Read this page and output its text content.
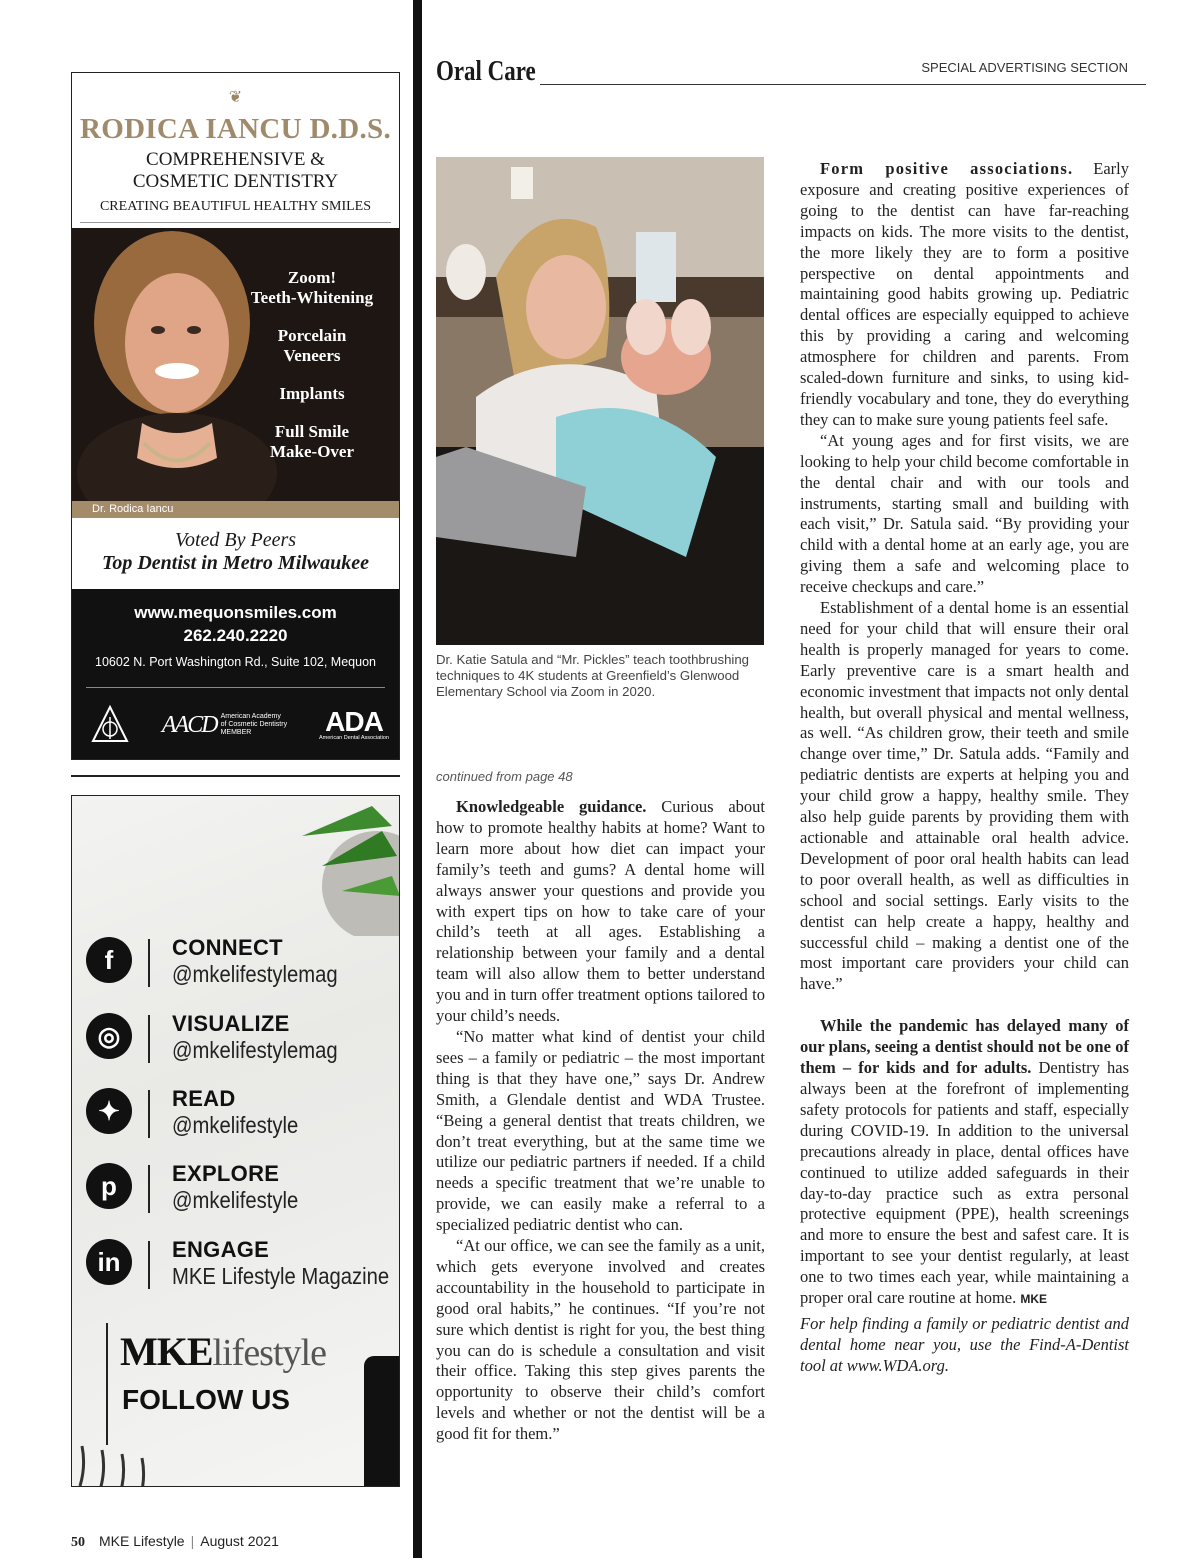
❦
RODICA IANCU D.D.S.
COMPREHENSIVE &
COSMETIC DENTISTRY
CREATING BEAUTIFUL HEALTHY SMILES
Zoom!
Teeth-Whitening
Porcelain
Veneers
Implants
Full Smile
Make-Over
Dr. Rodica Iancu
Voted By Peers
Top Dentist in Metro Milwaukee
www.mequonsmiles.com
262.240.2220
10602 N. Port Washington Rd., Suite 102, Mequon
AACD American Academy
of Cosmetic Dentistry
MEMBER	ADA
American Dental Association
f	CONNECT
@mkelifestylemag
◎	VISUALIZE
@mkelifestylemag
✦	READ
@mkelifestyle
p	EXPLORE
@mkelifestyle
in	ENGAGE
MKE Lifestyle Magazine
MKElifestyle
FOLLOW US
Oral Care	SPECIAL ADVERTISING SECTION
Dr. Katie Satula and “Mr. Pickles” teach toothbrushing techniques to 4K students at Greenfield’s Glenwood Elementary School via Zoom in 2020.
continued from page 48

Knowledgeable guidance. Curious about how to promote healthy habits at home? Want to learn more about how diet can impact your family’s teeth and gums? A dental home will always answer your questions and provide you with expert tips on how to take care of your child’s teeth at all ages. Establishing a relationship between your family and a dental team will also allow them to better understand you and in turn offer treatment options tailored to your child’s needs.

“No matter what kind of dentist your child sees – a family or pediatric – the most important thing is that they have one,” says Dr. Andrew Smith, a Glendale dentist and WDA Trustee. “Being a general dentist that treats children, we don’t treat everything, but at the same time we utilize our pediatric partners if needed. If a child needs a specific treatment that we’re unable to provide, we can easily make a referral to a specialized pediatric dentist who can.

“At our office, we can see the family as a unit, which gets everyone involved and creates accountability in the household to participate in good oral habits,” he continues. “If you’re not sure which dentist is right for you, the best thing you can do is schedule a consultation and visit their office. Taking this step gives parents the opportunity to observe their child’s comfort levels and whether or not the dentist will be a good fit for them.”

Form positive associations. Early exposure and creating positive experiences of going to the dentist can have far-reaching impacts on kids. The more visits to the dentist, the more likely they are to form a positive perspective on dental appointments and maintaining good habits growing up. Pediatric dental offices are especially equipped to achieve this by providing a caring and welcoming atmosphere for children and parents. From scaled-down furniture and sinks, to using kid-friendly vocabulary and tone, they do everything they can to make sure young patients feel safe.

“At young ages and for first visits, we are looking to help your child become comfortable in the dental chair and with our tools and instruments, starting small and building with each visit,” Dr. Satula said. “By providing your child with a dental home at an early age, you are giving them a safe and welcoming place to receive checkups and care.”

Establishment of a dental home is an essential need for your child that will ensure their oral health is properly managed for years to come. Early preventive care is a smart health and economic investment that impacts not only dental health, but overall physical and mental wellness, as well. “As children grow, their teeth and smile change over time,” Dr. Satula adds. “Family and pediatric dentists are experts at helping you and your child grow a happy, healthy smile. They also help guide parents by providing them with actionable and attainable oral health advice. Development of poor oral health habits can lead to poor overall health, as well as difficulties in school and social settings. Early visits to the dentist can help create a happy, healthy and successful child – making a dentist one of the most important care providers your child can have.”

While the pandemic has delayed many of our plans, seeing a dentist should not be one of them – for kids and for adults. Dentistry has always been at the forefront of implementing safety protocols for patients and staff, especially during COVID-19. In addition to the universal precautions already in place, dental offices have continued to utilize added safeguards in their day-to-day practice such as extra personal protective equipment (PPE), health screenings and more to ensure the best and safest care. It is important to see your dentist regularly, at least one to two times each year, while maintaining a proper oral care routine at home. MKE

For help finding a family or pediatric dentist and dental home near you, use the Find-A-Dentist tool at www.WDA.org.

50 MKE Lifestyle | August 2021
